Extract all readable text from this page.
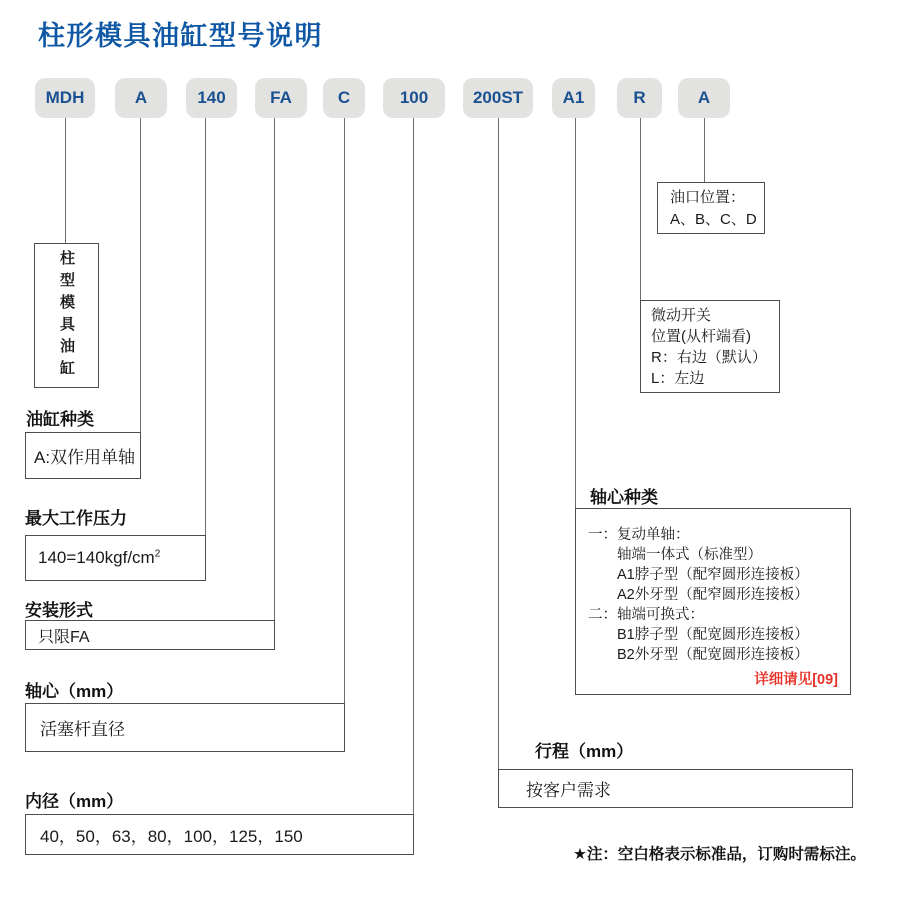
柱形模具油缸型号说明
MDH	A	140	FA	C	100	200ST	A1	R	A
柱型模具油缸
油缸种类
A:双作用单轴
最大工作压力
$140=140kgf/cm^2$
安装形式
只限FA
轴心（mm）
活塞杆直径
内径（mm）
40，50，63，80，100，125，150
油口位置：
A、B、C、D
微动开关
位置(从杆端看)
R：右边（默认）
L：左边
轴心种类
一：复动单轴：
轴端一体式（标准型）
A1脖子型（配窄圆形连接板）
A2外牙型（配窄圆形连接板）
二：轴端可换式：
B1脖子型（配宽圆形连接板）
B2外牙型（配宽圆形连接板）
详细请见[09]
行程（mm）
按客户需求
★注：空白格表示标准品，订购时需标注。
